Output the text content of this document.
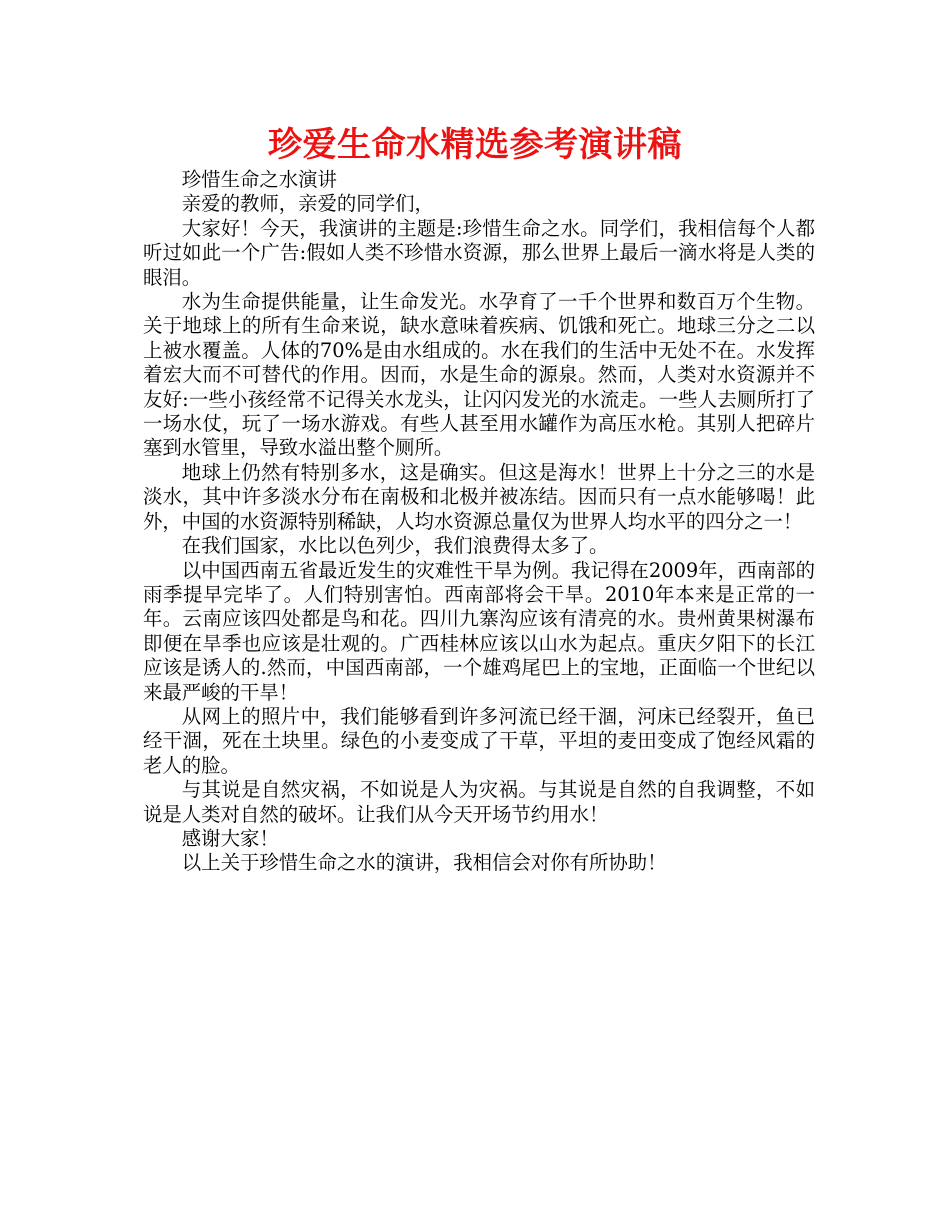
珍爱生命水精选参考演讲稿

珍惜生命之水演讲

亲爱的教师，亲爱的同学们，

大家好！今天，我演讲的主题是:珍惜生命之水。同学们，我相信每个人都听过如此一个广告:假如人类不珍惜水资源，那么世界上最后一滴水将是人类的眼泪。

水为生命提供能量，让生命发光。水孕育了一千个世界和数百万个生物。关于地球上的所有生命来说，缺水意味着疾病、饥饿和死亡。地球三分之二以上被水覆盖。人体的70%是由水组成的。水在我们的生活中无处不在。水发挥着宏大而不可替代的作用。因而，水是生命的源泉。然而，人类对水资源并不友好:一些小孩经常不记得关水龙头，让闪闪发光的水流走。一些人去厕所打了一场水仗，玩了一场水游戏。有些人甚至用水罐作为高压水枪。其别人把碎片塞到水管里，导致水溢出整个厕所。

地球上仍然有特别多水，这是确实。但这是海水！世界上十分之三的水是淡水，其中许多淡水分布在南极和北极并被冻结。因而只有一点水能够喝！此外，中国的水资源特别稀缺，人均水资源总量仅为世界人均水平的四分之一！

在我们国家，水比以色列少，我们浪费得太多了。

以中国西南五省最近发生的灾难性干旱为例。我记得在2009年，西南部的雨季提早完毕了。人们特别害怕。西南部将会干旱。2010年本来是正常的一年。云南应该四处都是鸟和花。四川九寨沟应该有清亮的水。贵州黄果树瀑布即便在旱季也应该是壮观的。广西桂林应该以山水为起点。重庆夕阳下的长江应该是诱人的.然而，中国西南部，一个雄鸡尾巴上的宝地，正面临一个世纪以来最严峻的干旱！

从网上的照片中，我们能够看到许多河流已经干涸，河床已经裂开，鱼已经干涸，死在土块里。绿色的小麦变成了干草，平坦的麦田变成了饱经风霜的老人的脸。

与其说是自然灾祸，不如说是人为灾祸。与其说是自然的自我调整，不如说是人类对自然的破坏。让我们从今天开场节约用水！

感谢大家！

以上关于珍惜生命之水的演讲，我相信会对你有所协助！
